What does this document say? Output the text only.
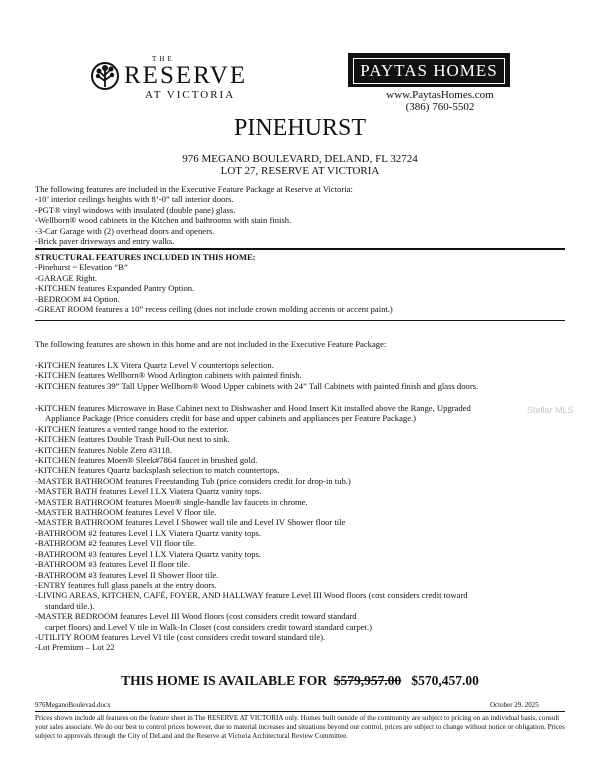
THE
RESERVE
AT VICTORIA
PAYTAS HOMES
www.PaytasHomes.com
(386) 760-5502
PINEHURST
976 MEGANO BOULEVARD, DELAND, FL 32724
LOT 27, RESERVE AT VICTORIA
The following features are included in the Executive Feature Package at Reserve at Victoria:
-10’ interior ceilings heights with 8’-0” tall interior doors.
-PGT® vinyl windows with insulated (double pane) glass.
-Wellborn® wood cabinets in the Kitchen and bathrooms with stain finish.
-3-Car Garage with (2) overhead doors and openers.
-Brick paver driveways and entry walks.
STRUCTURAL FEATURES INCLUDED IN THIS HOME:
-Pinehurst ~ Elevation “B”
-GARAGE Right.
-KITCHEN features Expanded Pantry Option.
-BEDROOM #4 Option.
-GREAT ROOM features a 10” recess ceiling (does not include crown molding accents or accent paint.)
The following features are shown in this home and are not included in the Executive Feature Package:
-KITCHEN features LX Vitera Quartz Level V countertops selection.
-KITCHEN features Wellborn® Wood Arlington cabinets with painted finish.
-KITCHEN features 39” Tall Upper Wellborn® Wood Upper cabinets with 24” Tall Cabinets with painted finish and glass doors.
-KITCHEN features Microwave in Base Cabinet next to Dishwasher and Hood Insert Kit installed above the Range, Upgraded
Appliance Package (Price considers credit for base and upper cabinets and appliances per Feature Package.)
-KITCHEN features a vented range hood to the exterior.
-KITCHEN features Double Trash Pull-Out next to sink.
-KITCHEN features Noble Zero #3118.
-KITCHEN features Moen® Sleek#7864 faucet in brushed gold.
-KITCHEN features Quartz backsplash selection to match countertops.
-MASTER BATHROOM features Freestanding Tub (price considers credit for drop-in tub.)
-MASTER BATH features Level I LX Viatera Quartz vanity tops.
-MASTER BATHROOM features Moen® single-handle lav faucets in chrome.
-MASTER BATHROOM features Level V floor tile.
-MASTER BATHROOM features Level I Shower wall tile and Level IV Shower floor tile
-BATHROOM #2 features Level I LX Viatera Quartz vanity tops.
-BATHROOM #2 features Level VII floor tile.
-BATHROOM #3 features Level I LX Viatera Quartz vanity tops.
-BATHROOM #3 features Level II floor tile.
-BATHROOM #3 features Level II Shower floor tile.
-ENTRY features full glass panels at the entry doors.
-LIVING AREAS, KITCHEN, CAFÉ, FOYER, AND HALLWAY feature Level III Wood floors (cost considers credit toward
standard tile.).
-MASTER BEDROOM features Level III Wood floors (cost considers credit toward standard
carpet floors) and Level V tile in Walk-In Closet (cost considers credit toward standard carpet.)
-UTILITY ROOM features Level VI tile (cost considers credit toward standard tile).
-Lot Premium – Lot 22
Stellar MLS
THIS HOME IS AVAILABLE FOR $579,957.00 $570,457.00
976MeganoBoulevad.docx	October 29, 2025
Prices shown include all features on the feature sheet in The RESERVE AT VICTORIA only. Homes built outside of the community are subject to pricing on an individual basis, consult your sales associate. We do our best to control prices however, due to material increases and situations beyond our control, prices are subject to change without notice or obligation. Prices subject to approvals through the City of DeLand and the Reserve at Victoria Architectural Review Committee.
